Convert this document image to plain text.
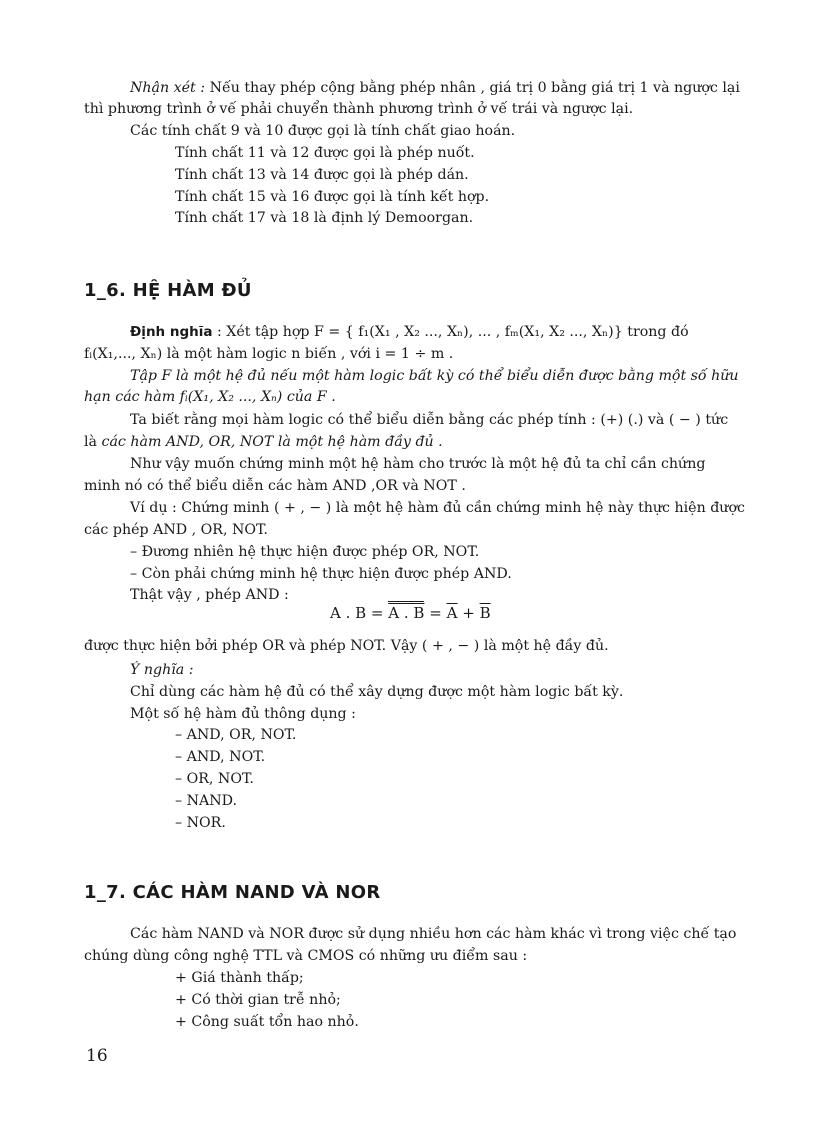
Nhận xét : Nếu thay phép cộng bằng phép nhân , giá trị 0 bằng giá trị 1 và ngược lại
thì phương trình ở vế phải chuyển thành phương trình ở vế trái và ngược lại.
Các tính chất 9 và 10 được gọi là tính chất giao hoán.
Tính chất 11 và 12 được gọi là phép nuốt.
Tính chất 13 và 14 được gọi là phép dán.
Tính chất 15 và 16 được gọi là tính kết hợp.
Tính chất 17 và 18 là định lý Demoorgan.
1_6. HỆ HÀM ĐỦ
Định nghĩa : Xét tập hợp F = { f₁(X₁ , X₂ ..., Xₙ), ... , fₘ(X₁, X₂ ..., Xₙ)} trong đó
fᵢ(X₁,..., Xₙ) là một hàm logic n biến , với i = 1 ÷ m .
Tập F là một hệ đủ nếu một hàm logic bất kỳ có thể biểu diễn được bằng một số hữu
hạn các hàm fᵢ(X₁, X₂ ..., Xₙ) của F .
Ta biết rằng mọi hàm logic có thể biểu diễn bằng các phép tính : (+) (.) và ( − ) tức
là các hàm AND, OR, NOT là một hệ hàm đầy đủ .
Như vậy muốn chứng minh một hệ hàm cho trước là một hệ đủ ta chỉ cần chứng
minh nó có thể biểu diễn các hàm AND ,OR và NOT .
Ví dụ : Chứng minh ( + , − ) là một hệ hàm đủ cần chứng minh hệ này thực hiện được
các phép AND , OR, NOT.
– Đương nhiên hệ thực hiện được phép OR, NOT.
– Còn phải chứng minh hệ thực hiện được phép AND.
Thật vậy , phép AND :
A . B = A . $B = \overline{A} + \overline{B}$
được thực hiện bởi phép OR và phép NOT. Vậy ( + , − ) là một hệ đầy đủ.
Ý nghĩa :
Chỉ dùng các hàm hệ đủ có thể xây dựng được một hàm logic bất kỳ.
Một số hệ hàm đủ thông dụng :
– AND, OR, NOT.
– AND, NOT.
– OR, NOT.
– NAND.
– NOR.
1_7. CÁC HÀM NAND VÀ NOR
Các hàm NAND và NOR được sử dụng nhiều hơn các hàm khác vì trong việc chế tạo
chúng dùng công nghệ TTL và CMOS có những ưu điểm sau :
+ Giá thành thấp;
+ Có thời gian trễ nhỏ;
+ Công suất tổn hao nhỏ.
16
